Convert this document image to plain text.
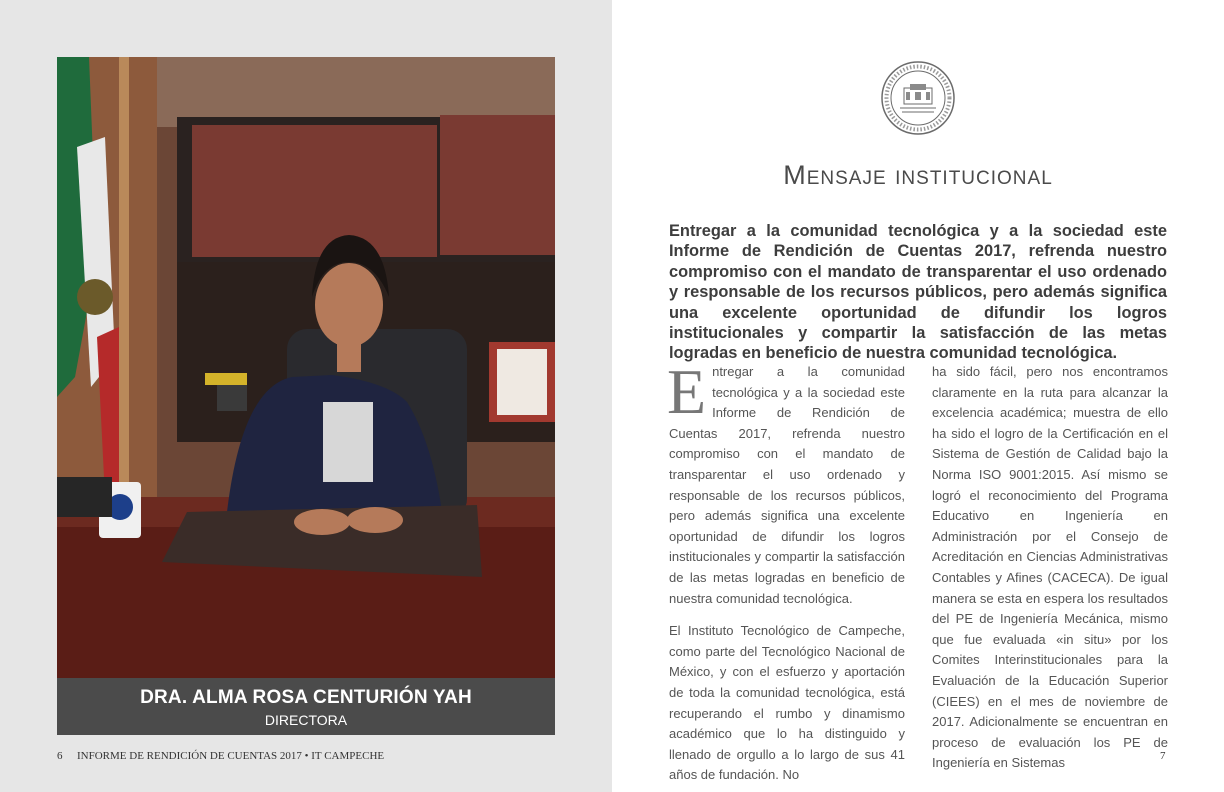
DRA. ALMA ROSA CENTURIÓN YAH
DIRECTORA
6 INFORME DE RENDICIÓN DE CUENTAS 2017 • IT CAMPECHE
Mensaje institucional
Entregar a la comunidad tecnológica y a la sociedad este Informe de Rendición de Cuentas 2017, refrenda nuestro compromiso con el mandato de transparentar el uso ordenado y responsable de los recursos públicos, pero además significa una excelente oportunidad de difundir los logros institucionales y compartir la satisfacción de las metas logradas en beneficio de nuestra comunidad tecnológica.

Entregar a la comunidad tecnológica y a la sociedad este Informe de Rendición de Cuentas 2017, refrenda nuestro compromiso con el mandato de transparentar el uso ordenado y responsable de los recursos públicos, pero además significa una excelente oportunidad de difundir los logros institucionales y compartir la satisfacción de las metas logradas en beneficio de nuestra comunidad tecnológica.

El Instituto Tecnológico de Campeche, como parte del Tecnológico Nacional de México, y con el esfuerzo y aportación de toda la comunidad tecnológica, está recuperando el rumbo y dinamismo académico que lo ha distinguido y llenado de orgullo a lo largo de sus 41 años de fundación. No

ha sido fácil, pero nos encontramos claramente en la ruta para alcanzar la excelencia académica; muestra de ello ha sido el logro de la Certificación en el Sistema de Gestión de Calidad bajo la Norma ISO 9001:2015. Así mismo se logró el reconocimiento del Programa Educativo en Ingeniería en Administración por el Consejo de Acreditación en Ciencias Administrativas Contables y Afines (CACECA). De igual manera se esta en espera los resultados del PE de Ingeniería Mecánica, mismo que fue evaluada «in situ» por los Comites Interinstitucionales para la Evaluación de la Educación Superior (CIEES) en el mes de noviembre de 2017. Adicionalmente se encuentran en proceso de evaluación los PE de Ingeniería en Sistemas	7
